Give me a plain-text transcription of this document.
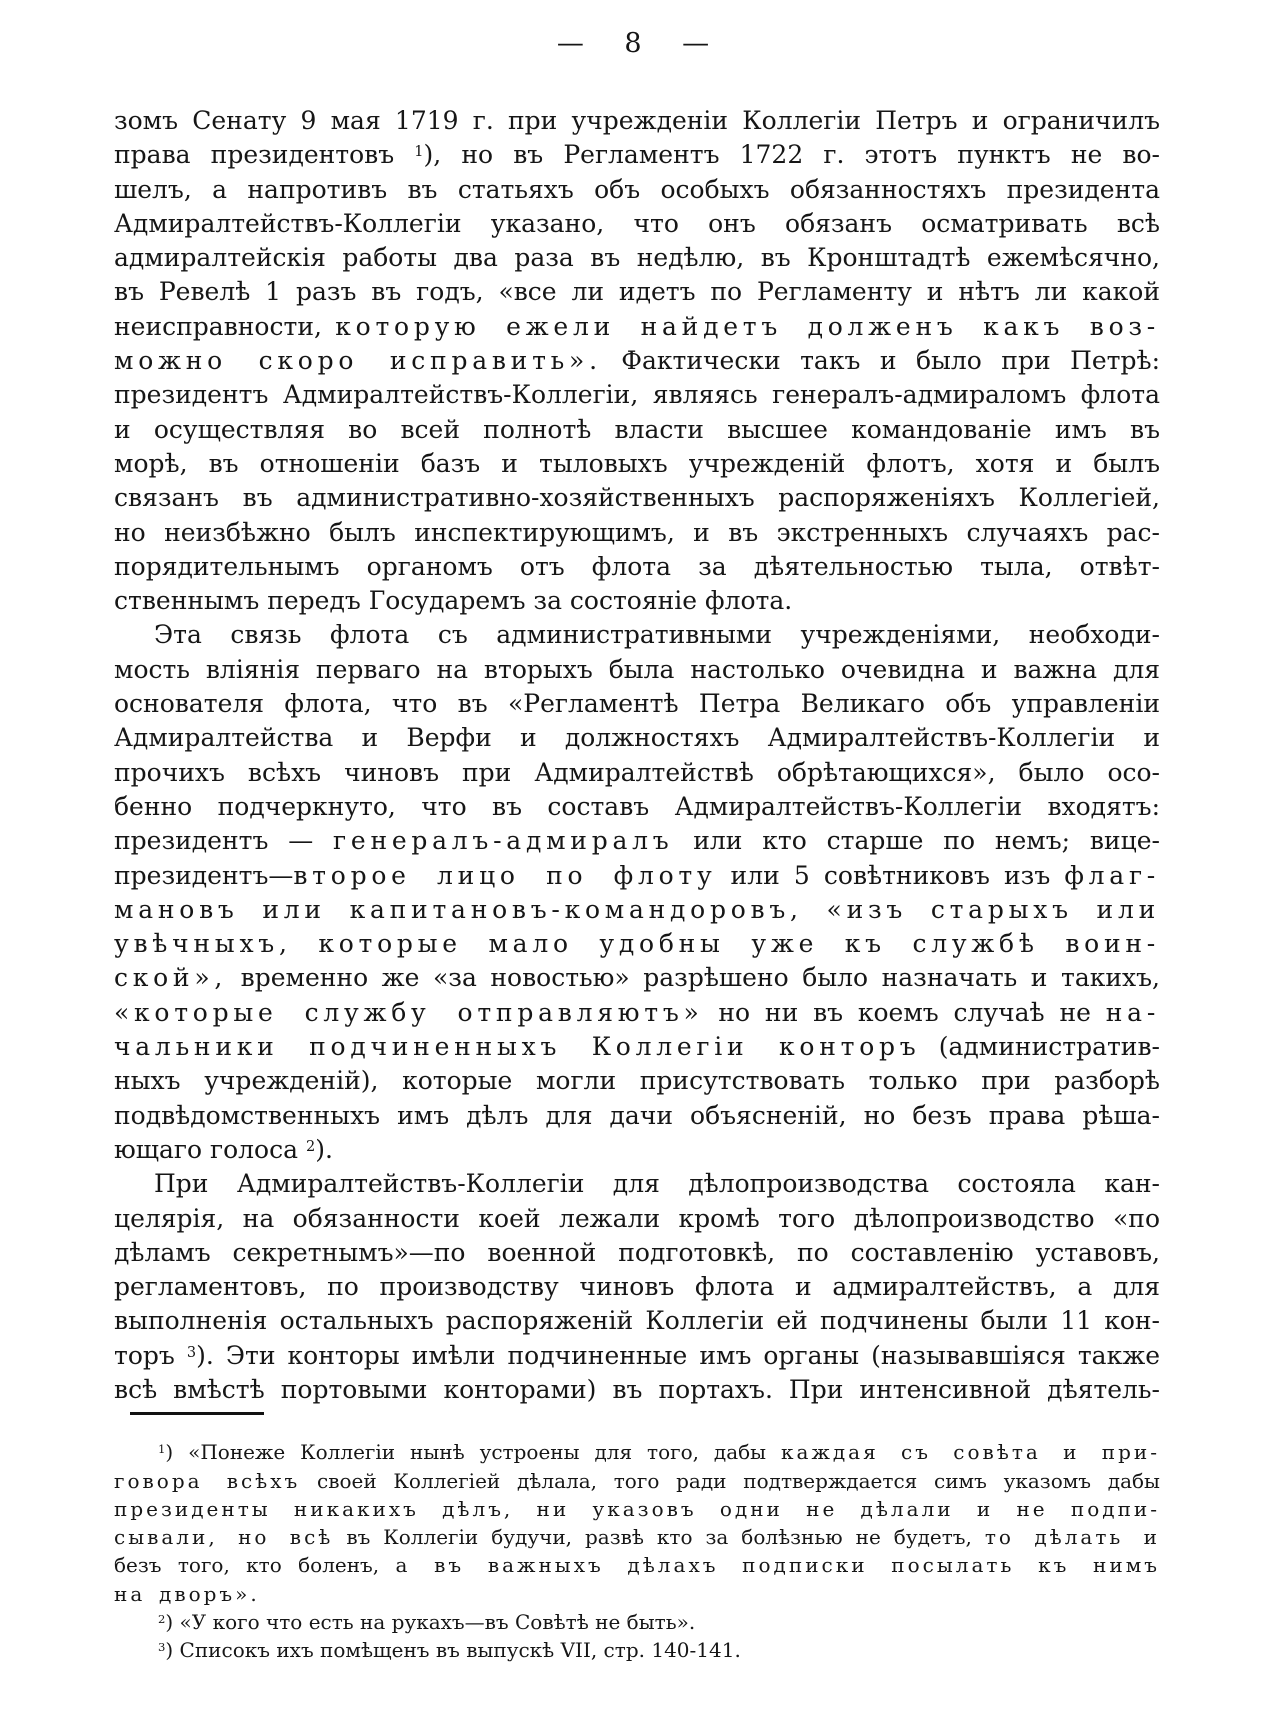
— 8 —
зомъ Сенату 9 мая 1719 г. при учрежденіи Коллегіи Петръ и ограничилъ
права президентовъ $^1$), но въ Регламентъ 1722 г. этотъ пунктъ не во-
шелъ, а напротивъ въ статьяхъ объ особыхъ обязанностяхъ президента
Адмиралтействъ-Коллегіи указано, что онъ обязанъ осматривать всѣ
адмиралтейскія работы два раза въ недѣлю, въ Кронштадтѣ ежемѣсячно,
въ Ревелѣ 1 разъ въ годъ, «все ли идетъ по Регламенту и нѣтъ ли какой
неисправности, которую ежели найдетъ долженъ какъ воз-
можно скоро исправить». Фактически такъ и было при Петрѣ:
президентъ Адмиралтействъ-Коллегіи, являясь генералъ-адмираломъ флота
и осуществляя во всей полнотѣ власти высшее командованіе имъ въ
морѣ, въ отношеніи базъ и тыловыхъ учрежденій флотъ, хотя и былъ
связанъ въ административно-хозяйственныхъ распоряженіяхъ Коллегіей,
но неизбѣжно былъ инспектирующимъ, и въ экстренныхъ случаяхъ рас-
порядительнымъ органомъ отъ флота за дѣятельностью тыла, отвѣт-
ственнымъ передъ Государемъ за состояніе флота.
Эта связь флота съ административными учрежденіями, необходи-
мость вліянія перваго на вторыхъ была настолько очевидна и важна для
основателя флота, что въ «Регламентѣ Петра Великаго объ управленіи
Адмиралтейства и Верфи и должностяхъ Адмиралтействъ-Коллегіи и
прочихъ всѣхъ чиновъ при Адмиралтействѣ обрѣтающихся», было осо-
бенно подчеркнуто, что въ составъ Адмиралтействъ-Коллегіи входятъ:
президентъ — генералъ-адмиралъ или кто старше по немъ; вице-
президентъ—второе лицо по флоту или 5 совѣтниковъ изъ флаг-
мановъ или капитановъ-командоровъ, «изъ старыхъ или
увѣчныхъ, которые мало удобны уже къ службѣ воин-
ской», временно же «за новостью» разрѣшено было назначать и такихъ,
«которые службу отправляютъ» но ни въ коемъ случаѣ не на-
чальники подчиненныхъ Коллегіи конторъ (административ-
ныхъ учрежденій), которые могли присутствовать только при разборѣ
подвѣдомственныхъ имъ дѣлъ для дачи объясненій, но безъ права рѣша-
ющаго голоса $^2$).
При Адмиралтействъ-Коллегіи для дѣлопроизводства состояла кан-
целярія, на обязанности коей лежали кромѣ того дѣлопроизводство «по
дѣламъ секретнымъ»—по военной подготовкѣ, по составленію уставовъ,
регламентовъ, по производству чиновъ флота и адмиралтействъ, а для
выполненія остальныхъ распоряженій Коллегіи ей подчинены были 11 кон-
торъ $^3$). Эти конторы имѣли подчиненные имъ органы (называвшіяся также
всѣ вмѣстѣ портовыми конторами) въ портахъ. При интенсивной дѣятель-
$^1$) «Понеже Коллегіи нынѣ устроены для того, дабы каждая съ совѣта и при-
говора всѣхъ своей Коллегіей дѣлала, того ради подтверждается симъ указомъ дабы
президенты никакихъ дѣлъ, ни указовъ одни не дѣлали и не подпи-
сывали, но всѣ въ Коллегіи будучи, развѣ кто за болѣзнью не будетъ, то дѣлать и
безъ того, кто боленъ, а въ важныхъ дѣлахъ подписки посылать къ нимъ
на дворъ».
$^2$) «У кого что есть на рукахъ—въ Совѣтѣ не быть».
$^3$) Списокъ ихъ помѣщенъ въ выпускѣ VII, стр. 140-141.
